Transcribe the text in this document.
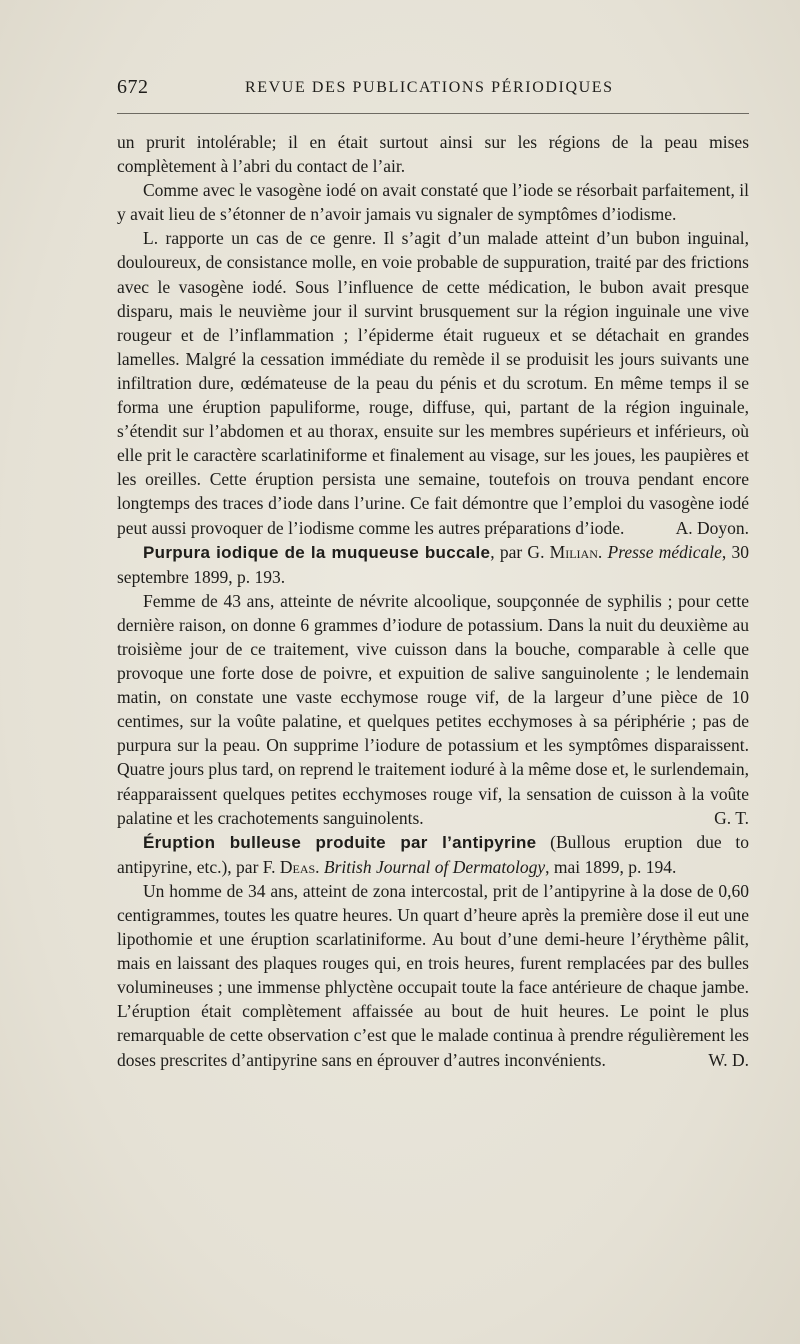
672	REVUE DES PUBLICATIONS PÉRIODIQUES

un prurit intolérable; il en était surtout ainsi sur les régions de la peau mises complètement à l’abri du contact de l’air.

Comme avec le vasogène iodé on avait constaté que l’iode se résorbait parfaitement, il y avait lieu de s’étonner de n’avoir jamais vu signaler de symptômes d’iodisme.

L. rapporte un cas de ce genre. Il s’agit d’un malade atteint d’un bubon inguinal, douloureux, de consistance molle, en voie probable de suppuration, traité par des frictions avec le vasogène iodé. Sous l’influence de cette médication, le bubon avait presque disparu, mais le neuvième jour il survint brusquement sur la région inguinale une vive rougeur et de l’inflammation ; l’épiderme était rugueux et se détachait en grandes lamelles. Malgré la cessation immédiate du remède il se produisit les jours suivants une infiltration dure, œdémateuse de la peau du pénis et du scrotum. En même temps il se forma une éruption papuliforme, rouge, diffuse, qui, partant de la région inguinale, s’étendit sur l’abdomen et au thorax, ensuite sur les membres supérieurs et inférieurs, où elle prit le caractère scarlatiniforme et finalement au visage, sur les joues, les paupières et les oreilles. Cette éruption persista une semaine, toutefois on trouva pendant encore longtemps des traces d’iode dans l’urine. Ce fait démontre que l’emploi du vasogène iodé peut aussi provoquer de l’iodisme comme les autres préparations d’iode.	A. Doyon.

Purpura iodique de la muqueuse buccale, par G. Milian. Presse médicale, 30 septembre 1899, p. 193.

Femme de 43 ans, atteinte de névrite alcoolique, soupçonnée de syphilis ; pour cette dernière raison, on donne 6 grammes d’iodure de potassium. Dans la nuit du deuxième au troisième jour de ce traitement, vive cuisson dans la bouche, comparable à celle que provoque une forte dose de poivre, et expuition de salive sanguinolente ; le lendemain matin, on constate une vaste ecchymose rouge vif, de la largeur d’une pièce de 10 centimes, sur la voûte palatine, et quelques petites ecchymoses à sa périphérie ; pas de purpura sur la peau. On supprime l’iodure de potassium et les symptômes disparaissent. Quatre jours plus tard, on reprend le traitement ioduré à la même dose et, le surlendemain, réapparaissent quelques petites ecchymoses rouge vif, la sensation de cuisson à la voûte palatine et les crachotements sanguinolents.	G. T.

Éruption bulleuse produite par l’antipyrine (Bullous eruption due to antipyrine, etc.), par F. Deas. British Journal of Dermatology, mai 1899, p. 194.

Un homme de 34 ans, atteint de zona intercostal, prit de l’antipyrine à la dose de 0,60 centigrammes, toutes les quatre heures. Un quart d’heure après la première dose il eut une lipothomie et une éruption scarlatiniforme. Au bout d’une demi-heure l’érythème pâlit, mais en laissant des plaques rouges qui, en trois heures, furent remplacées par des bulles volumineuses ; une immense phlyctène occupait toute la face antérieure de chaque jambe. L’éruption était complètement affaissée au bout de huit heures. Le point le plus remarquable de cette observation c’est que le malade continua à prendre régulièrement les doses prescrites d’antipyrine sans en éprouver d’autres inconvénients.	W. D.
